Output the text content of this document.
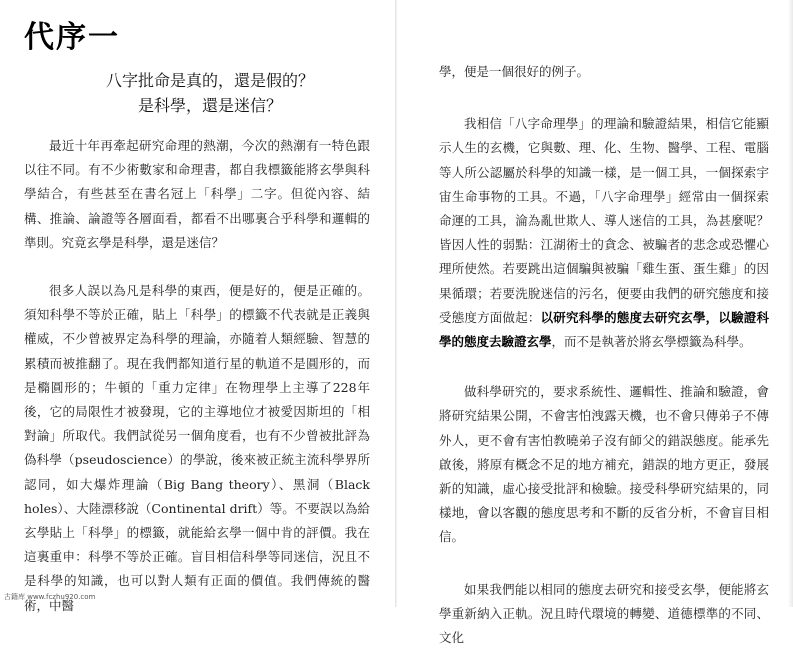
代序一
八字批命是真的，還是假的？
是科學，還是迷信？

最近十年再牽起研究命理的熱潮，今次的熱潮有一特色跟以往不同。有不少術數家和命理書，都自我標籤能將玄學與科學結合，有些甚至在書名冠上「科學」二字。但從內容、結構、推論、論證等各層面看，都看不出哪裏合乎科學和邏輯的準則。究竟玄學是科學，還是迷信？

很多人誤以為凡是科學的東西，便是好的，便是正確的。須知科學不等於正確，貼上「科學」的標籤不代表就是正義與權威，不少曾被界定為科學的理論，亦隨着人類經驗、智慧的累積而被推翻了。現在我們都知道行星的軌道不是圓形的，而是橢圓形的；牛頓的「重力定律」在物理學上主導了228年後，它的局限性才被發現，它的主導地位才被愛因斯坦的「相對論」所取代。我們試從另一個角度看，也有不少曾被批評為偽科學（pseudoscience）的學說，後來被正統主流科學界所認同，如大爆炸理論（Big Bang theory）、黑洞（Black holes）、大陸漂移說（Continental drift）等。不要誤以為給玄學貼上「科學」的標籤，就能給玄學一個中肯的評價。我在這裏重申：科學不等於正確。盲目相信科學等同迷信，況且不是科學的知識，也可以對人類有正面的價值。我們傳統的醫術，中醫

學，便是一個很好的例子。

我相信「八字命理學」的理論和驗證結果，相信它能顯示人生的玄機，它與數、理、化、生物、醫學、工程、電腦等人所公認屬於科學的知識一樣，是一個工具，一個探索宇宙生命事物的工具。不過，「八字命理學」經常由一個探索命運的工具，淪為亂世欺人、導人迷信的工具，為甚麼呢？皆因人性的弱點：江湖術士的貪念、被騙者的悲念或恐懼心理所使然。若要跳出這個騙與被騙「雞生蛋、蛋生雞」的因果循環；若要洗脫迷信的污名，便要由我們的研究態度和接受態度方面做起：以研究科學的態度去研究玄學，以驗證科學的態度去驗證玄學，而不是執著於將玄學標籤為科學。

做科學研究的，要求系統性、邏輯性、推論和驗證，會將研究結果公開，不會害怕洩露天機，也不會只傳弟子不傳外人，更不會有害怕教曉弟子沒有師父的錯誤態度。能承先啟後，將原有概念不足的地方補充，錯誤的地方更正，發展新的知識，虛心接受批評和檢驗。接受科學研究結果的，同樣地，會以客觀的態度思考和不斷的反省分析，不會盲目相信。

如果我們能以相同的態度去研究和接受玄學，便能將玄學重新納入正軌。況且時代環境的轉變、道德標準的不同、文化

古籍库 www.fczhu920.com
